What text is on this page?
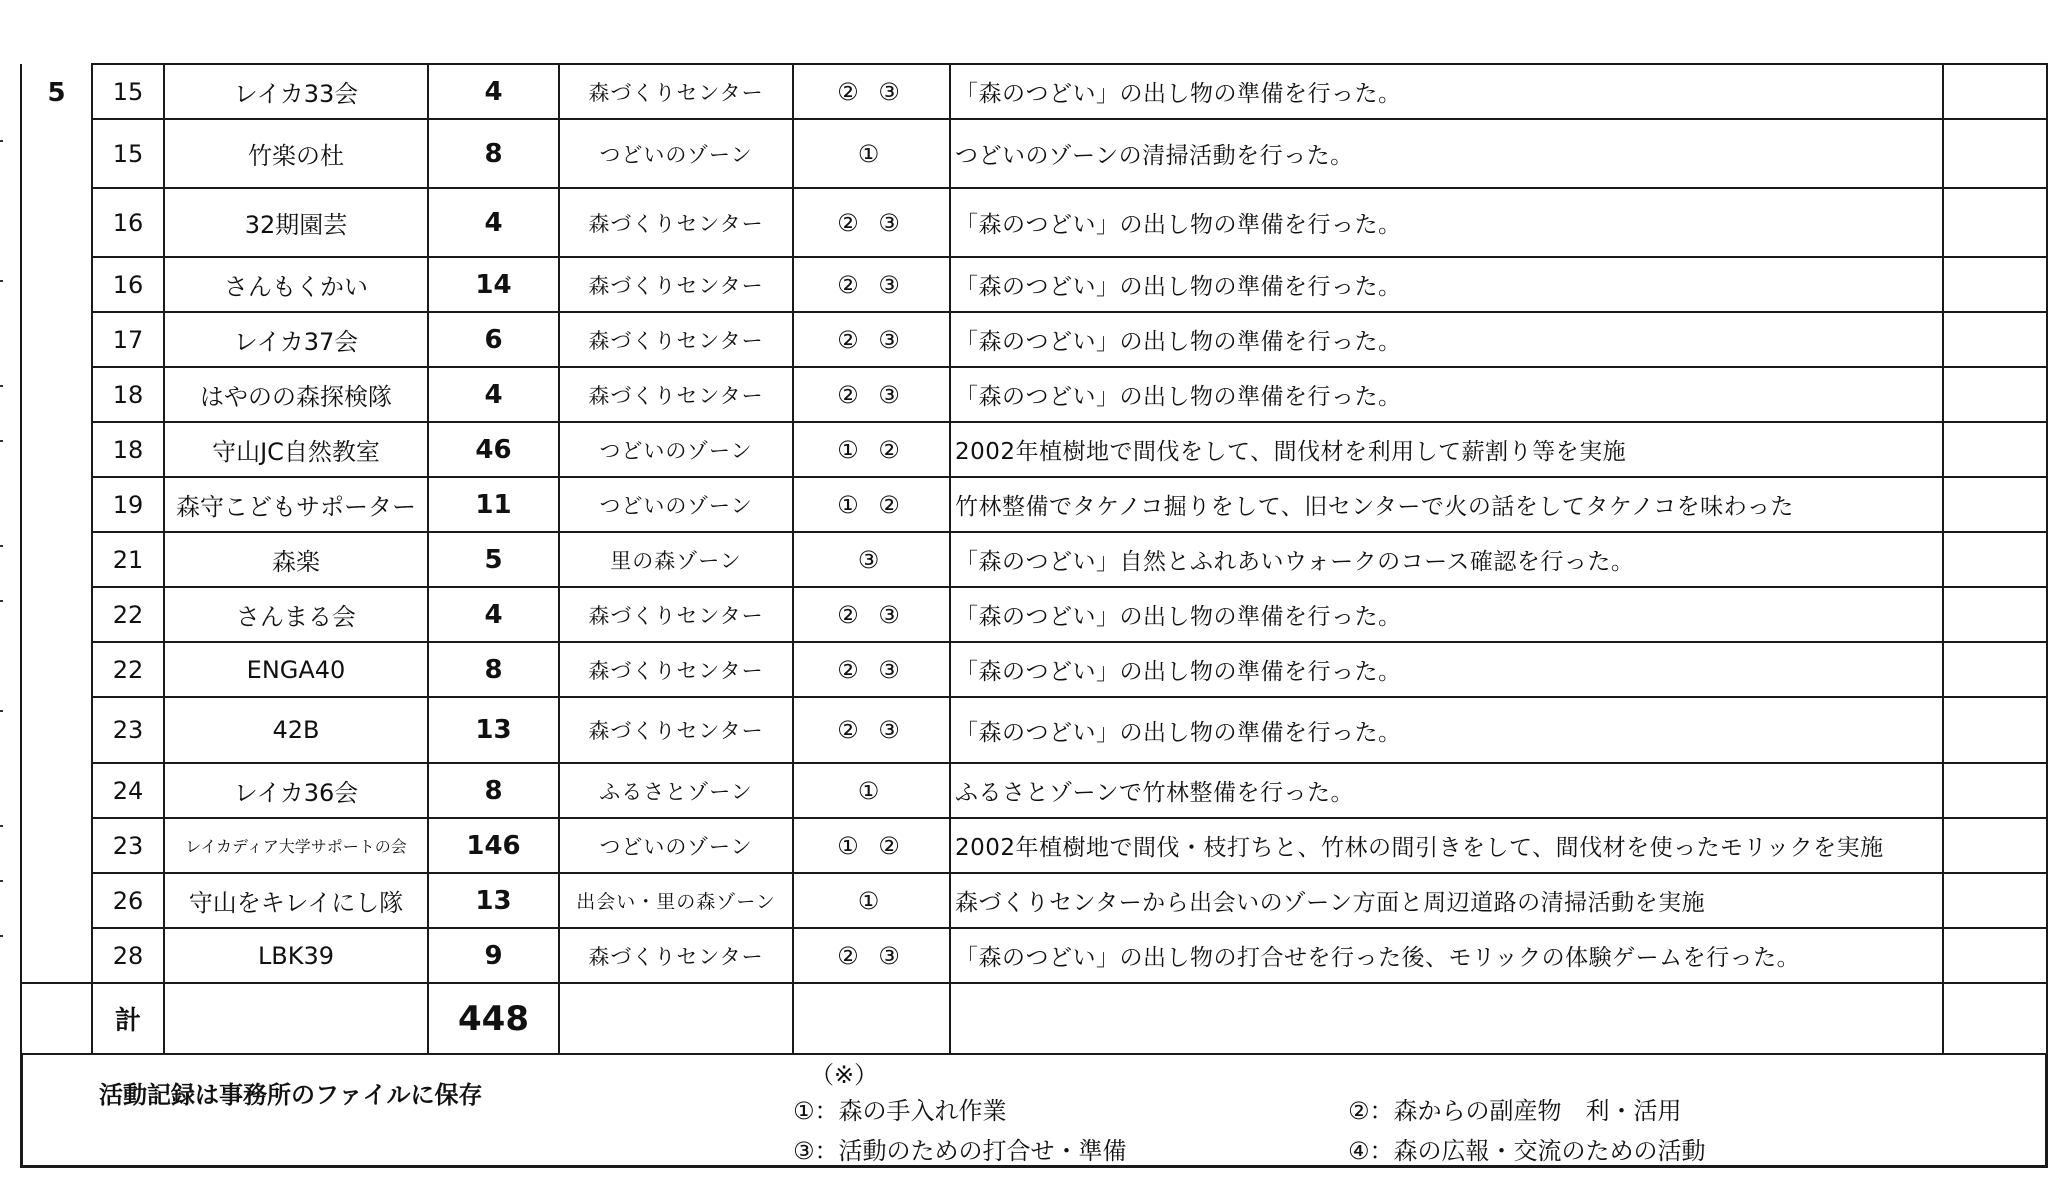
5	15	レイカ33会	4	森づくりセンター	② ③	「森のつどい」の出し物の準備を行った。	
	15	竹楽の杜	8	つどいのゾーン	①	つどいのゾーンの清掃活動を行った。	
	16	32期園芸	4	森づくりセンター	② ③	「森のつどい」の出し物の準備を行った。	
	16	さんもくかい	14	森づくりセンター	② ③	「森のつどい」の出し物の準備を行った。	
	17	レイカ37会	6	森づくりセンター	② ③	「森のつどい」の出し物の準備を行った。	
	18	はやのの森探検隊	4	森づくりセンター	② ③	「森のつどい」の出し物の準備を行った。	
	18	守山JC自然教室	46	つどいのゾーン	① ②	2002年植樹地で間伐をして、間伐材を利用して薪割り等を実施	
	19	森守こどもサポーター	11	つどいのゾーン	① ②	竹林整備でタケノコ掘りをして、旧センターで火の話をしてタケノコを味わった	
	21	森楽	5	里の森ゾーン	③	「森のつどい」自然とふれあいウォークのコース確認を行った。	
	22	さんまる会	4	森づくりセンター	② ③	「森のつどい」の出し物の準備を行った。	
	22	ENGA40	8	森づくりセンター	② ③	「森のつどい」の出し物の準備を行った。	
	23	42B	13	森づくりセンター	② ③	「森のつどい」の出し物の準備を行った。	
	24	レイカ36会	8	ふるさとゾーン	①	ふるさとゾーンで竹林整備を行った。	
	23	レイカディア大学サポートの会	146	つどいのゾーン	① ②	2002年植樹地で間伐・枝打ちと、竹林の間引きをして、間伐材を使ったモリックを実施	
	26	守山をキレイにし隊	13	出会い・里の森ゾーン	①	森づくりセンターから出会いのゾーン方面と周辺道路の清掃活動を実施	
	28	LBK39	9	森づくりセンター	② ③	「森のつどい」の出し物の打合せを行った後、モリックの体験ゲームを行った。	
	計		448				
活動記録は事務所のファイルに保存
（※）
①：森の手入れ作業	②：森からの副産物　利・活用
③：活動のための打合せ・準備	④：森の広報・交流のための活動
